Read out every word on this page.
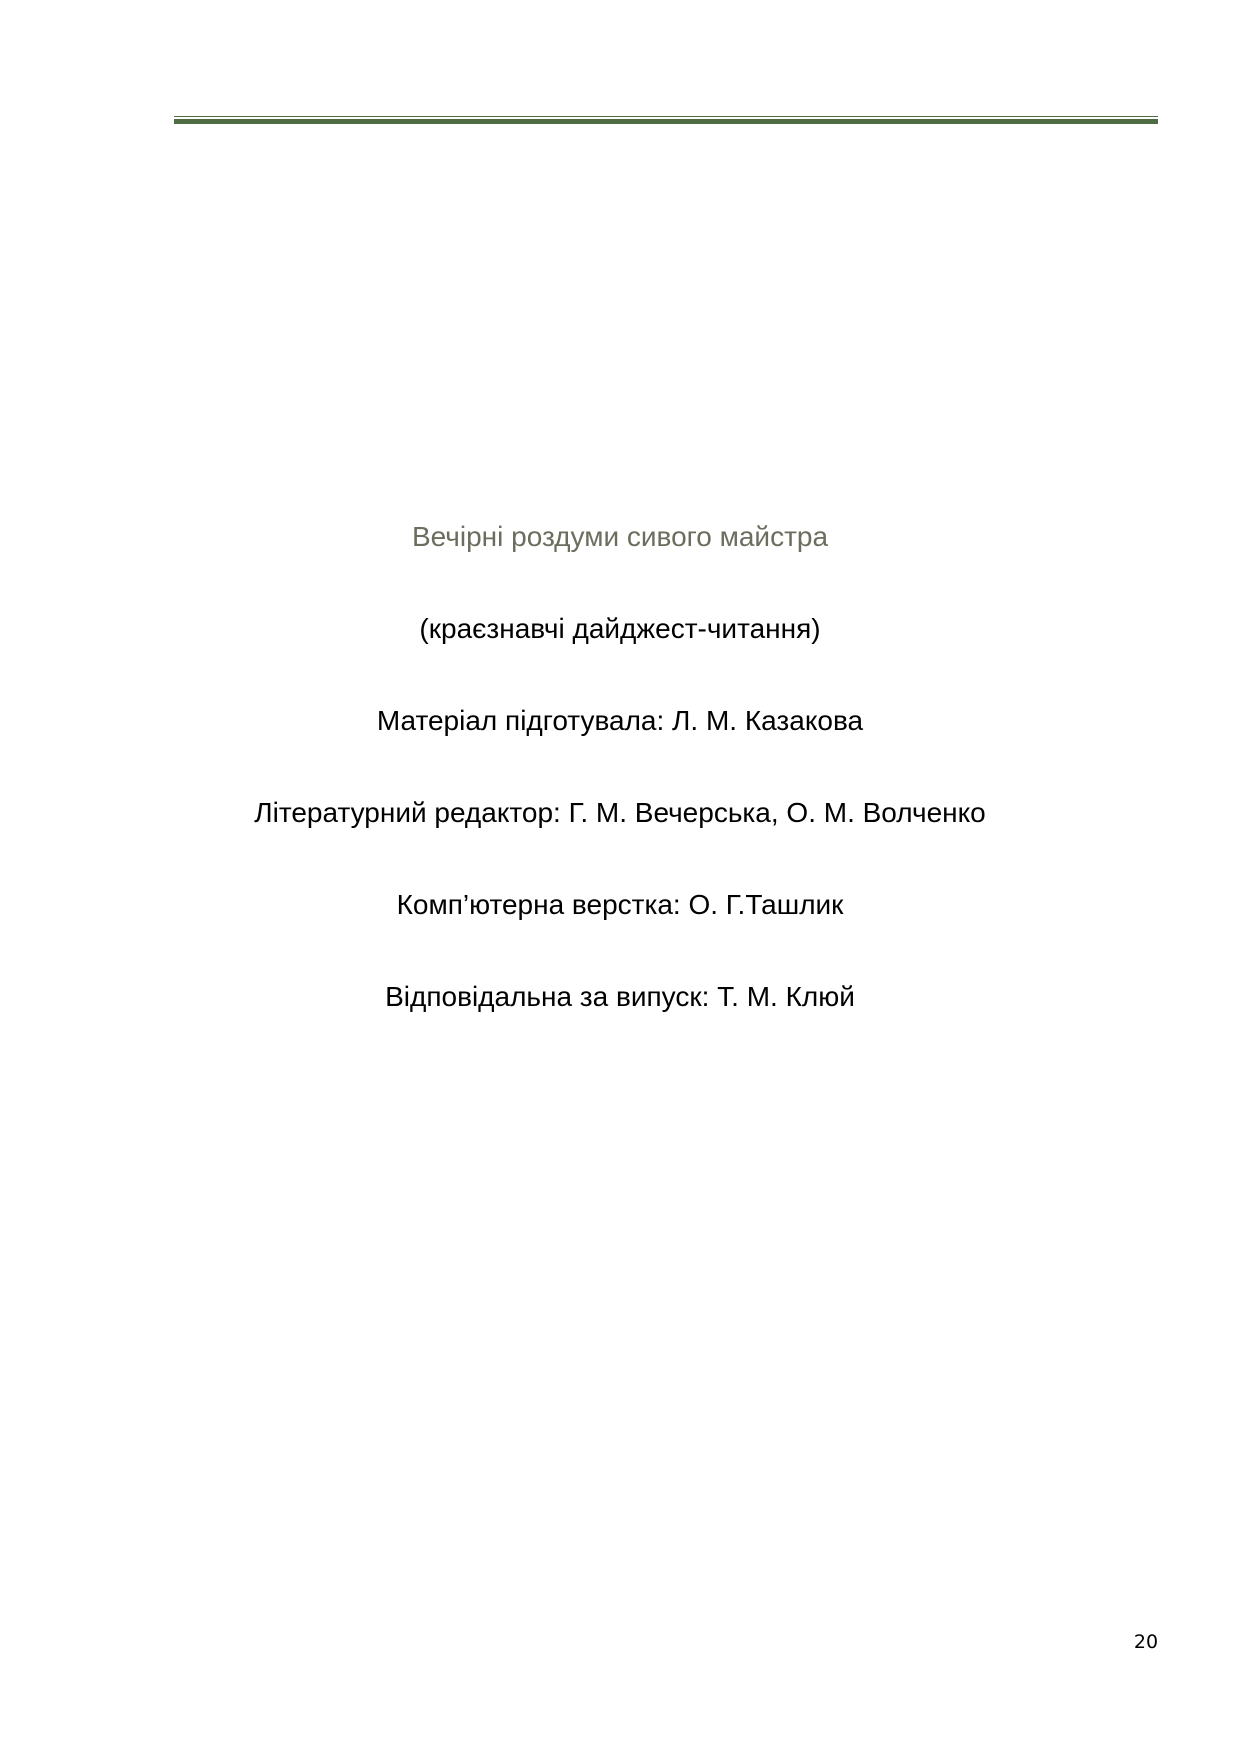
Вечірні роздуми сивого майстра
(краєзнавчі дайджест-читання)
Матеріал підготувала: Л. М. Казакова
Літературний редактор: Г. М. Вечерська, О. М. Волченко
Комп’ютерна верстка: О. Г.Ташлик
Відповідальна за випуск: Т. М. Клюй
20
